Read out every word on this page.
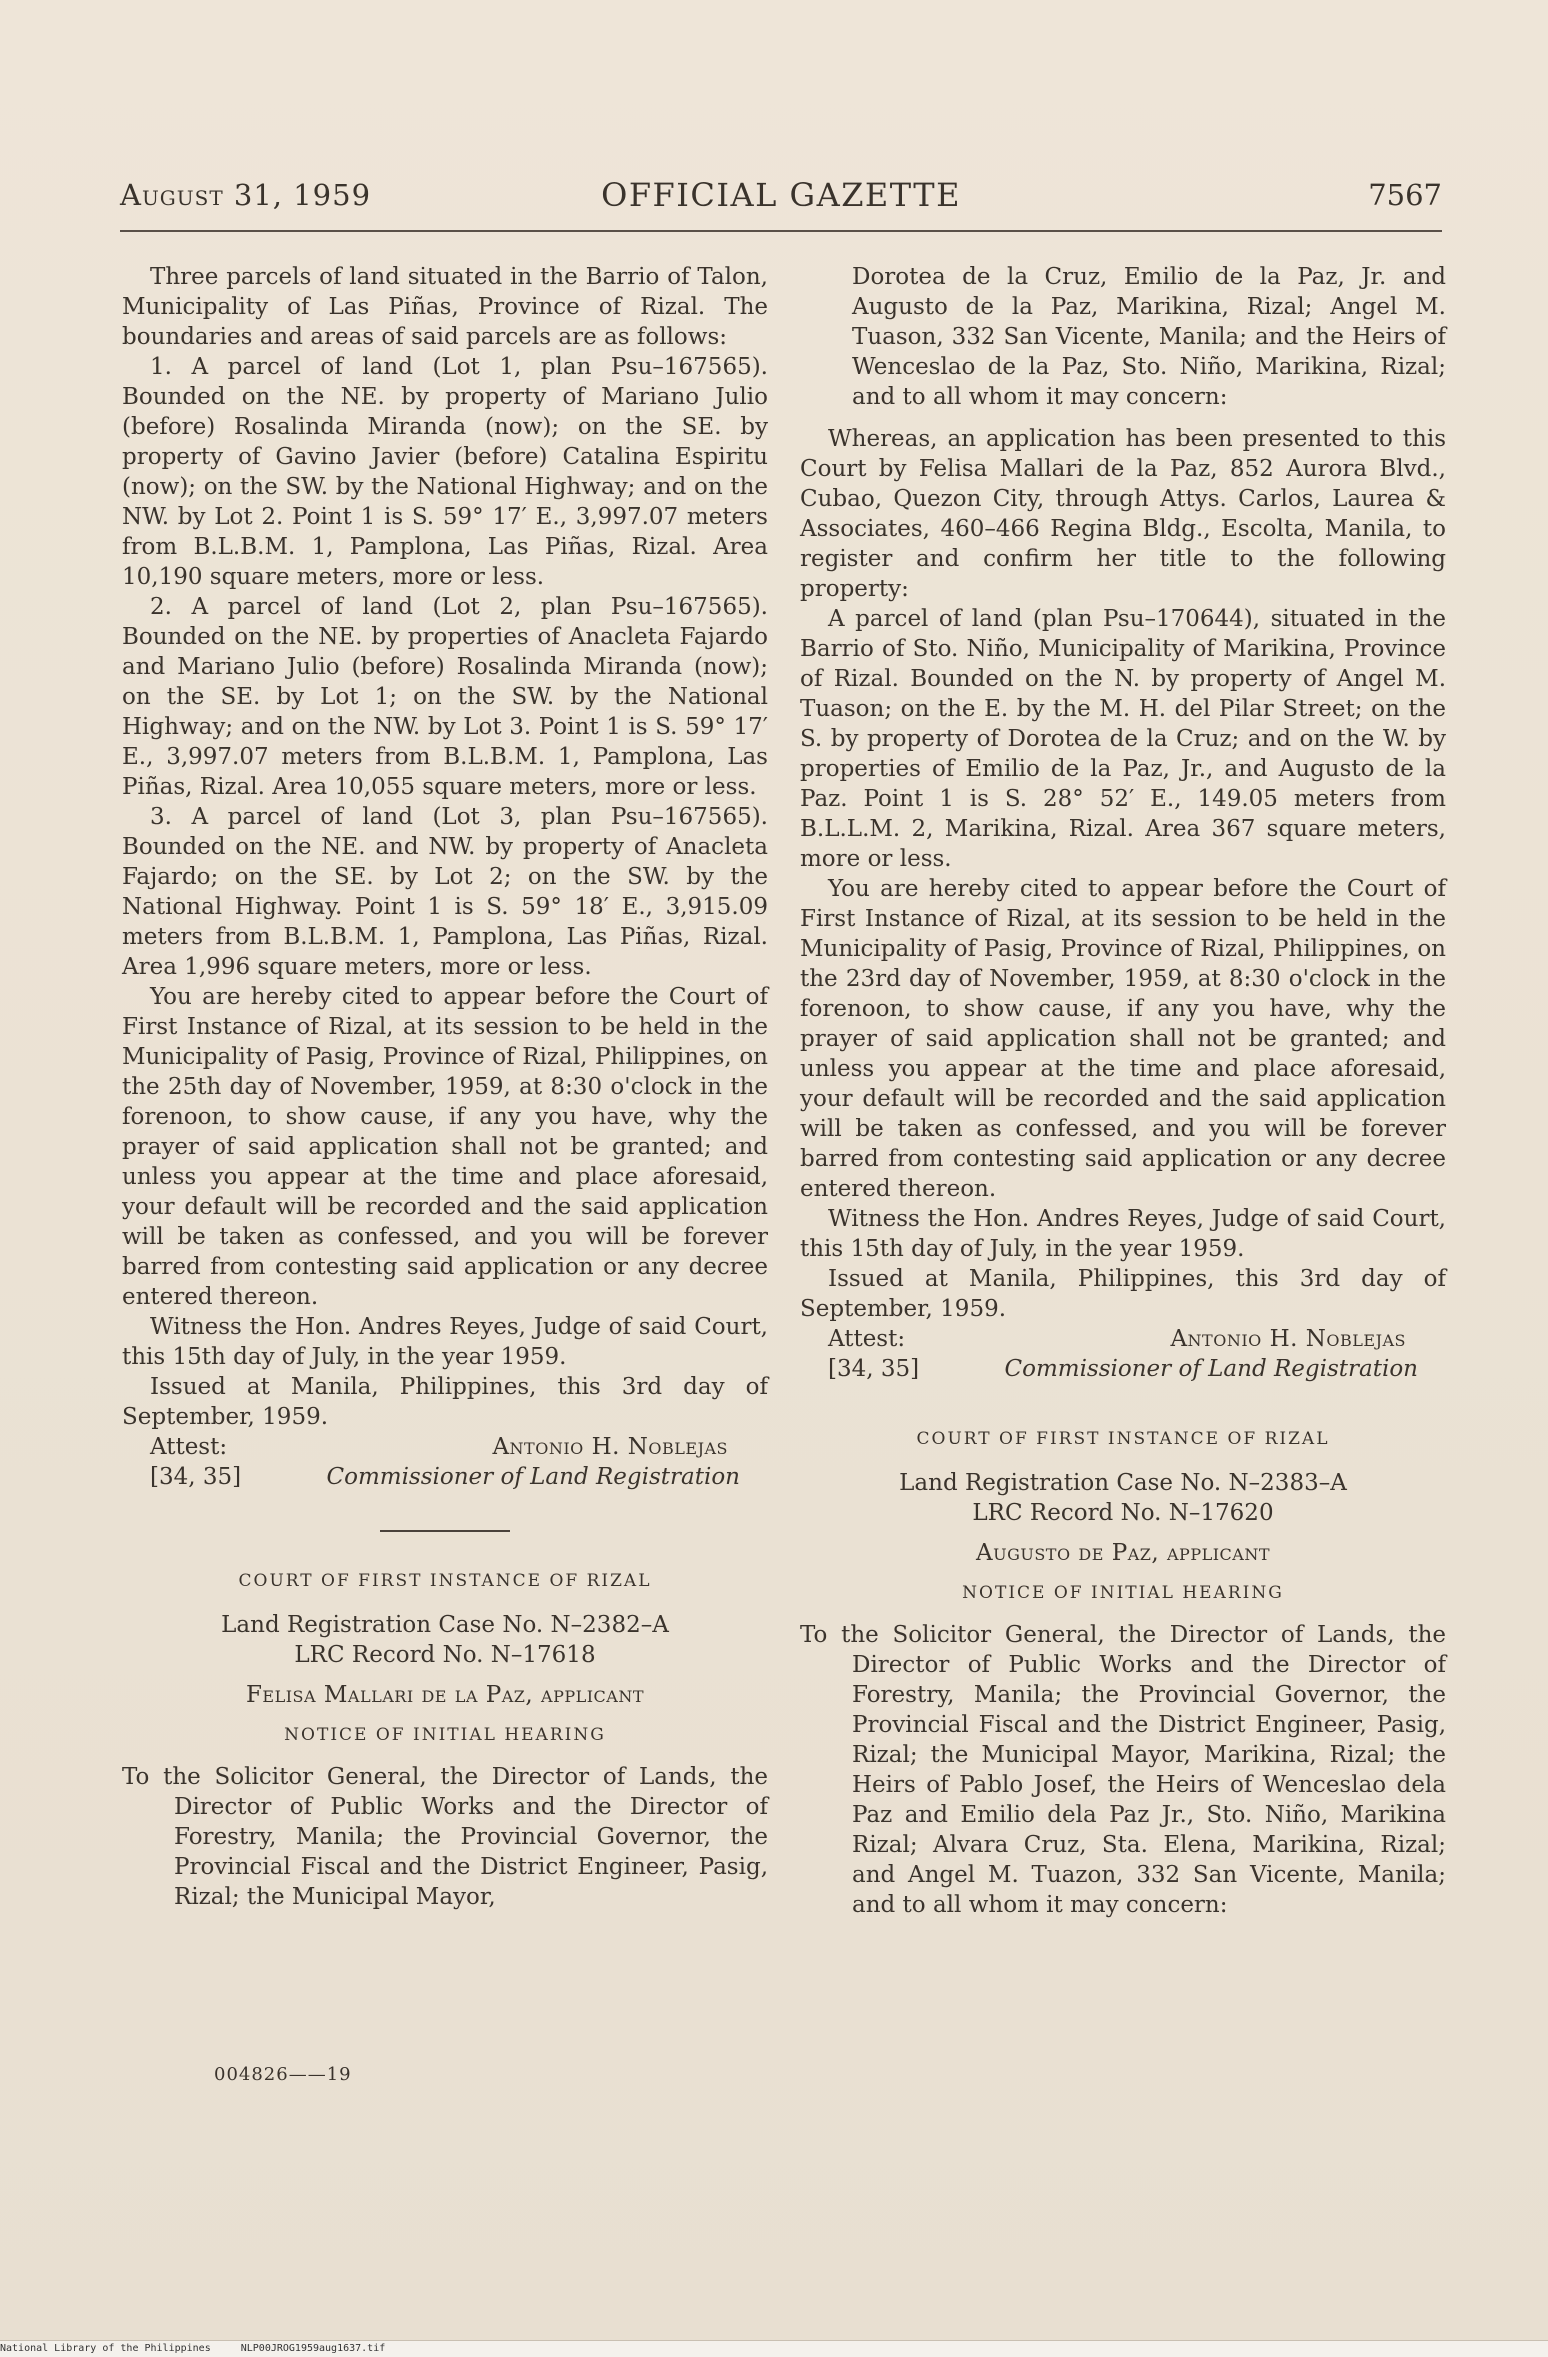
August 31, 1959	OFFICIAL GAZETTE	7567

Three parcels of land situated in the Barrio of Talon, Municipality of Las Piñas, Province of Rizal. The boundaries and areas of said parcels are as follows:

1. A parcel of land (Lot 1, plan Psu–167565). Bounded on the NE. by property of Mariano Julio (before) Rosalinda Miranda (now); on the SE. by property of Gavino Javier (before) Catalina Espiritu (now); on the SW. by the National Highway; and on the NW. by Lot 2. Point 1 is S. 59° 17′ E., 3,997.07 meters from B.L.B.M. 1, Pamplona, Las Piñas, Rizal. Area 10,190 square meters, more or less.

2. A parcel of land (Lot 2, plan Psu–167565). Bounded on the NE. by properties of Anacleta Fajardo and Mariano Julio (before) Rosalinda Miranda (now); on the SE. by Lot 1; on the SW. by the National Highway; and on the NW. by Lot 3. Point 1 is S. 59° 17′ E., 3,997.07 meters from B.L.B.M. 1, Pamplona, Las Piñas, Rizal. Area 10,055 square meters, more or less.

3. A parcel of land (Lot 3, plan Psu–167565). Bounded on the NE. and NW. by property of Anacleta Fajardo; on the SE. by Lot 2; on the SW. by the National Highway. Point 1 is S. 59° 18′ E., 3,915.09 meters from B.L.B.M. 1, Pamplona, Las Piñas, Rizal. Area 1,996 square meters, more or less.

You are hereby cited to appear before the Court of First Instance of Rizal, at its session to be held in the Municipality of Pasig, Province of Rizal, Philippines, on the 25th day of November, 1959, at 8:30 o'clock in the forenoon, to show cause, if any you have, why the prayer of said application shall not be granted; and unless you appear at the time and place aforesaid, your default will be recorded and the said application will be taken as confessed, and you will be forever barred from contesting said application or any decree entered thereon.

Witness the Hon. Andres Reyes, Judge of said Court, this 15th day of July, in the year 1959.

Issued at Manila, Philippines, this 3rd day of September, 1959.

Attest:	Antonio H. Noblejas
[34, 35]	Commissioner of Land Registration
COURT OF FIRST INSTANCE OF RIZAL
Land Registration Case No. N–2382–A
LRC Record No. N–17618
Felisa Mallari de la Paz, applicant
NOTICE OF INITIAL HEARING

To the Solicitor General, the Director of Lands, the Director of Public Works and the Director of Forestry, Manila; the Provincial Governor, the Provincial Fiscal and the District Engineer, Pasig, Rizal; the Municipal Mayor,

004826——19

Dorotea de la Cruz, Emilio de la Paz, Jr. and Augusto de la Paz, Marikina, Rizal; Angel M. Tuason, 332 San Vicente, Manila; and the Heirs of Wenceslao de la Paz, Sto. Niño, Marikina, Rizal; and to all whom it may concern:

Whereas, an application has been presented to this Court by Felisa Mallari de la Paz, 852 Aurora Blvd., Cubao, Quezon City, through Attys. Carlos, Laurea & Associates, 460–466 Regina Bldg., Escolta, Manila, to register and confirm her title to the following property:

A parcel of land (plan Psu–170644), situated in the Barrio of Sto. Niño, Municipality of Marikina, Province of Rizal. Bounded on the N. by property of Angel M. Tuason; on the E. by the M. H. del Pilar Street; on the S. by property of Dorotea de la Cruz; and on the W. by properties of Emilio de la Paz, Jr., and Augusto de la Paz. Point 1 is S. 28° 52′ E., 149.05 meters from B.L.L.M. 2, Marikina, Rizal. Area 367 square meters, more or less.

You are hereby cited to appear before the Court of First Instance of Rizal, at its session to be held in the Municipality of Pasig, Province of Rizal, Philippines, on the 23rd day of November, 1959, at 8:30 o'clock in the forenoon, to show cause, if any you have, why the prayer of said application shall not be granted; and unless you appear at the time and place aforesaid, your default will be recorded and the said application will be taken as confessed, and you will be forever barred from contesting said application or any decree entered thereon.

Witness the Hon. Andres Reyes, Judge of said Court, this 15th day of July, in the year 1959.

Issued at Manila, Philippines, this 3rd day of September, 1959.

Attest:	Antonio H. Noblejas
[34, 35]	Commissioner of Land Registration
COURT OF FIRST INSTANCE OF RIZAL
Land Registration Case No. N–2383–A
LRC Record No. N–17620
Augusto de Paz, applicant
NOTICE OF INITIAL HEARING

To the Solicitor General, the Director of Lands, the Director of Public Works and the Director of Forestry, Manila; the Provincial Governor, the Provincial Fiscal and the District Engineer, Pasig, Rizal; the Municipal Mayor, Marikina, Rizal; the Heirs of Pablo Josef, the Heirs of Wenceslao dela Paz and Emilio dela Paz Jr., Sto. Niño, Marikina Rizal; Alvara Cruz, Sta. Elena, Marikina, Rizal; and Angel M. Tuazon, 332 San Vicente, Manila; and to all whom it may concern:

National Library of the Philippines	NLP00JROG1959aug1637.tif
